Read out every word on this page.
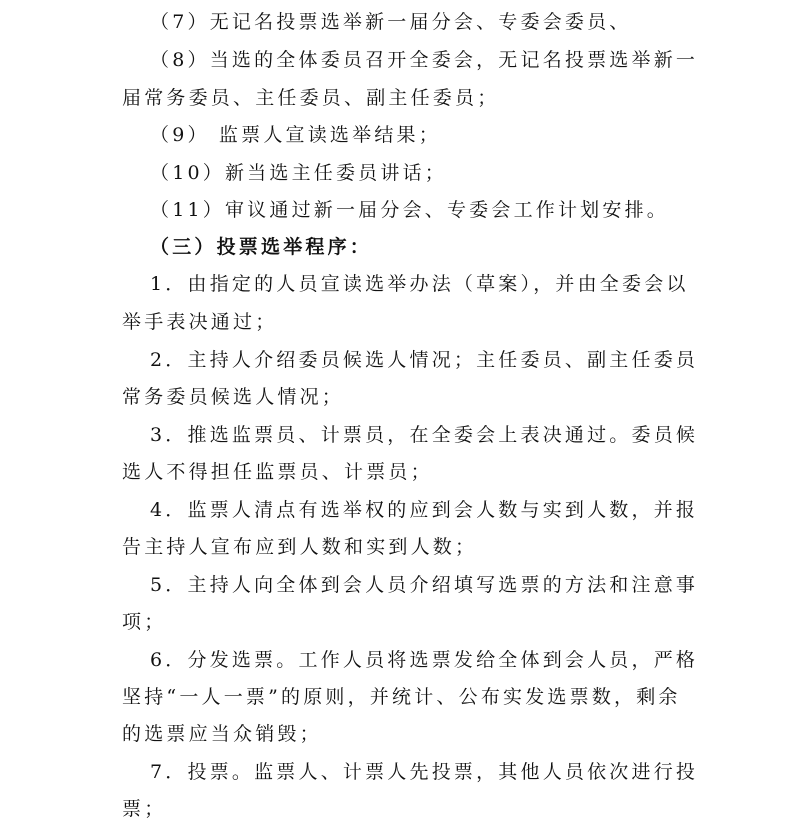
（7）无记名投票选举新一届分会、专委会委员、
（8）当选的全体委员召开全委会，无记名投票选举新一
届常务委员、主任委员、副主任委员；
（9） 监票人宣读选举结果；
（10）新当选主任委员讲话；
（11）审议通过新一届分会、专委会工作计划安排。
（三）投票选举程序：
1．由指定的人员宣读选举办法（草案），并由全委会以
举手表决通过；
2．主持人介绍委员候选人情况；主任委员、副主任委员
常务委员候选人情况；
3．推选监票员、计票员，在全委会上表决通过。委员候
选人不得担任监票员、计票员；
4．监票人清点有选举权的应到会人数与实到人数，并报
告主持人宣布应到人数和实到人数；
5．主持人向全体到会人员介绍填写选票的方法和注意事
项；
6．分发选票。工作人员将选票发给全体到会人员，严格
坚持“一人一票”的原则，并统计、公布实发选票数，剩余
的选票应当众销毁；
7．投票。监票人、计票人先投票，其他人员依次进行投
票；
